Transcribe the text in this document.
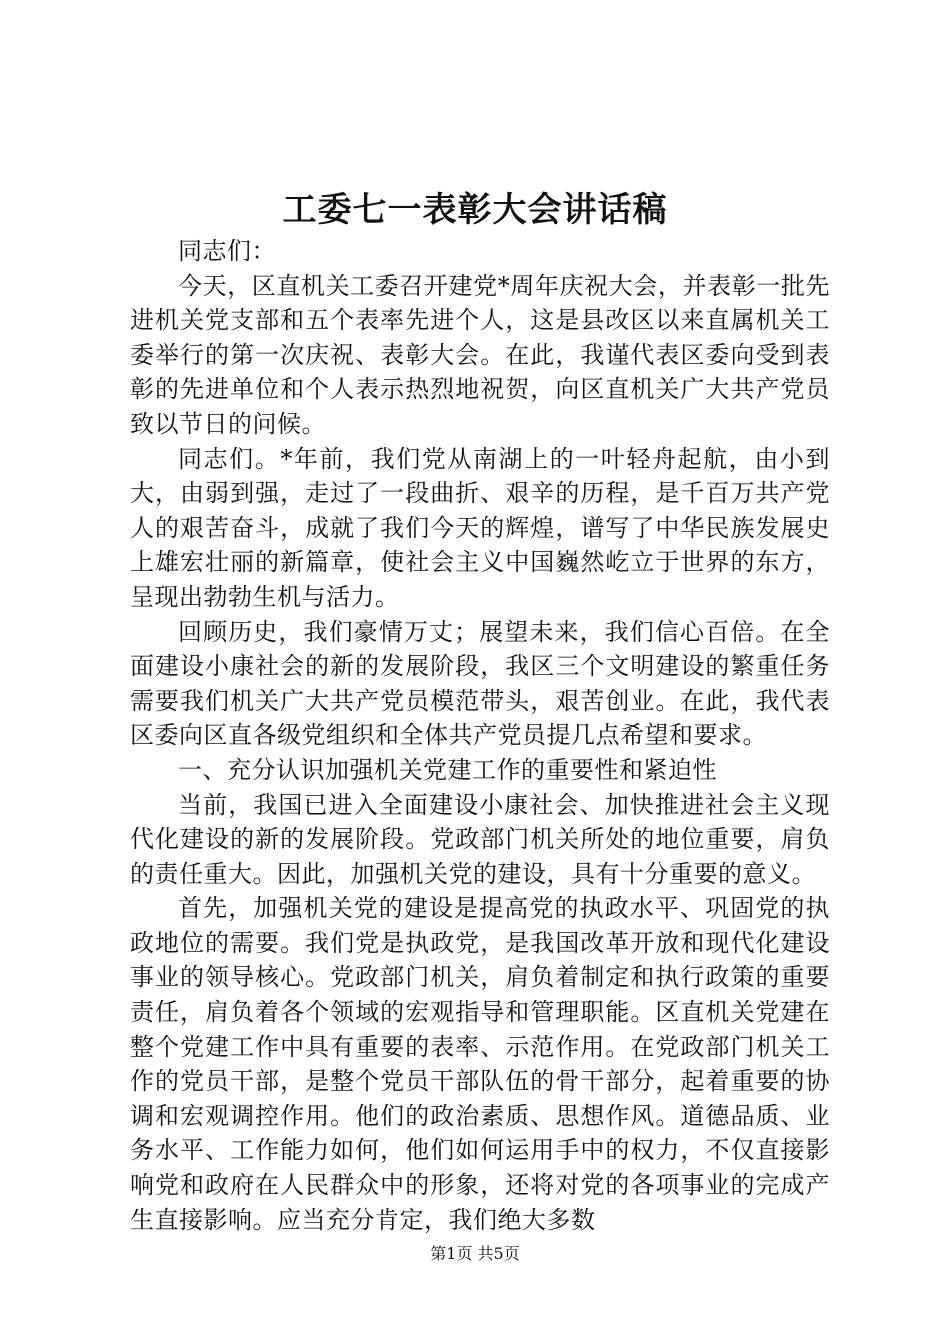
工委七一表彰大会讲话稿

同志们：

今天，区直机关工委召开建党*周年庆祝大会，并表彰一批先进机关党支部和五个表率先进个人，这是县改区以来直属机关工委举行的第一次庆祝、表彰大会。在此，我谨代表区委向受到表彰的先进单位和个人表示热烈地祝贺，向区直机关广大共产党员致以节日的问候。

同志们。*年前，我们党从南湖上的一叶轻舟起航，由小到大，由弱到强，走过了一段曲折、艰辛的历程，是千百万共产党人的艰苦奋斗，成就了我们今天的辉煌，谱写了中华民族发展史上雄宏壮丽的新篇章，使社会主义中国巍然屹立于世界的东方，呈现出勃勃生机与活力。

回顾历史，我们豪情万丈；展望未来，我们信心百倍。在全面建设小康社会的新的发展阶段，我区三个文明建设的繁重任务需要我们机关广大共产党员模范带头，艰苦创业。在此，我代表区委向区直各级党组织和全体共产党员提几点希望和要求。

一、充分认识加强机关党建工作的重要性和紧迫性

当前，我国已进入全面建设小康社会、加快推进社会主义现代化建设的新的发展阶段。党政部门机关所处的地位重要，肩负的责任重大。因此，加强机关党的建设，具有十分重要的意义。

首先，加强机关党的建设是提高党的执政水平、巩固党的执政地位的需要。我们党是执政党，是我国改革开放和现代化建设事业的领导核心。党政部门机关，肩负着制定和执行政策的重要责任，肩负着各个领域的宏观指导和管理职能。区直机关党建在整个党建工作中具有重要的表率、示范作用。在党政部门机关工作的党员干部，是整个党员干部队伍的骨干部分，起着重要的协调和宏观调控作用。他们的政治素质、思想作风。道德品质、业务水平、工作能力如何，他们如何运用手中的权力，不仅直接影响党和政府在人民群众中的形象，还将对党的各项事业的完成产生直接影响。应当充分肯定，我们绝大多数

第1页 共5页
